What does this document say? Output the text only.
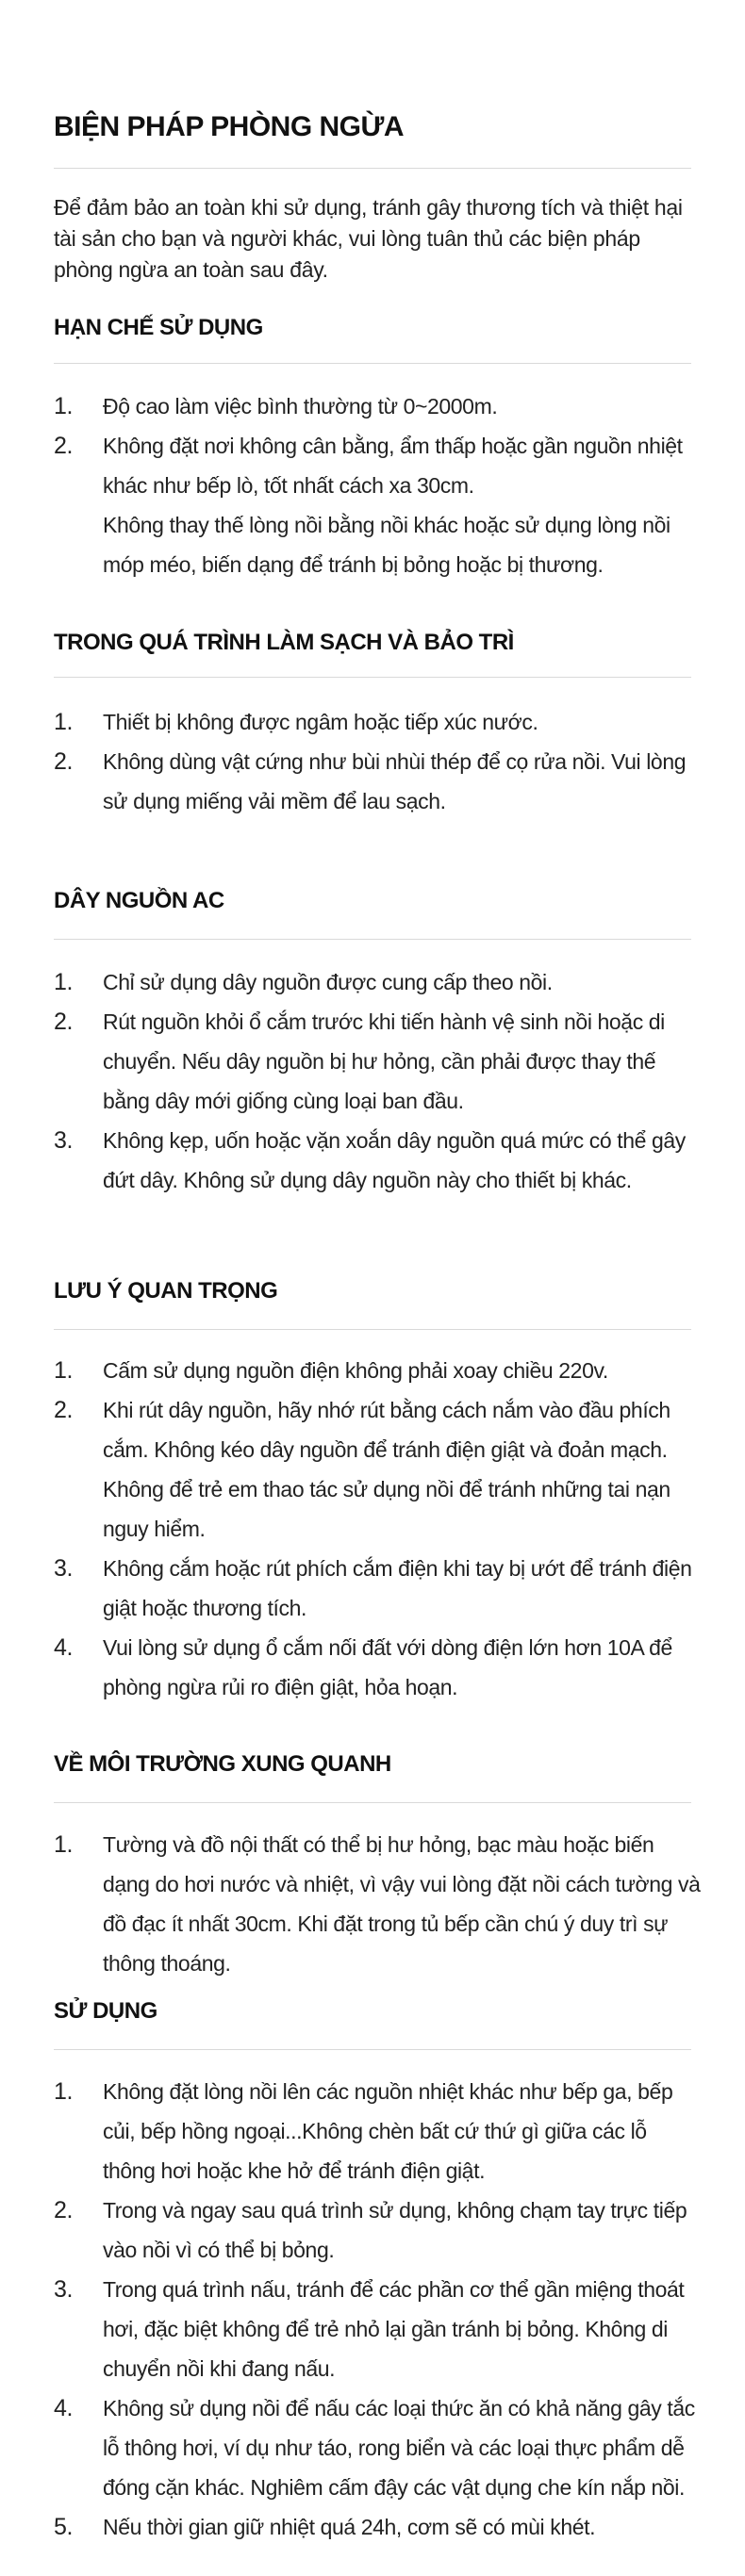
BIỆN PHÁP PHÒNG NGỪA
Để đảm bảo an toàn khi sử dụng, tránh gây thương tích và thiệt hại tài sản cho bạn và người khác, vui lòng tuân thủ các biện pháp phòng ngừa an toàn sau đây.
HẠN CHẾ SỬ DỤNG
1. Độ cao làm việc bình thường từ 0~2000m.
2. Không đặt nơi không cân bằng, ẩm thấp hoặc gần nguồn nhiệt khác như bếp lò, tốt nhất cách xa 30cm.
Không thay thế lòng nồi bằng nồi khác hoặc sử dụng lòng nồi móp méo, biến dạng để tránh bị bỏng hoặc bị thương.
TRONG QUÁ TRÌNH LÀM SẠCH VÀ BẢO TRÌ
1. Thiết bị không được ngâm hoặc tiếp xúc nước.
2. Không dùng vật cứng như bùi nhùi thép để cọ rửa nồi. Vui lòng sử dụng miếng vải mềm để lau sạch.
DÂY NGUỒN AC
1. Chỉ sử dụng dây nguồn được cung cấp theo nồi.
2. Rút nguồn khỏi ổ cắm trước khi tiến hành vệ sinh nồi hoặc di chuyển. Nếu dây nguồn bị hư hỏng, cần phải được thay thế bằng dây mới giống cùng loại ban đầu.
3. Không kẹp, uốn hoặc vặn xoắn dây nguồn quá mức có thể gây đứt dây. Không sử dụng dây nguồn này cho thiết bị khác.
LƯU Ý QUAN TRỌNG
1. Cấm sử dụng nguồn điện không phải xoay chiều 220v.
2. Khi rút dây nguồn, hãy nhớ rút bằng cách nắm vào đầu phích cắm. Không kéo dây nguồn để tránh điện giật và đoản mạch. Không để trẻ em thao tác sử dụng nồi để tránh những tai nạn nguy hiểm.
3. Không cắm hoặc rút phích cắm điện khi tay bị ướt để tránh điện giật hoặc thương tích.
4. Vui lòng sử dụng ổ cắm nối đất với dòng điện lớn hơn 10A để phòng ngừa rủi ro điện giật, hỏa hoạn.
VỀ MÔI TRƯỜNG XUNG QUANH
1. Tường và đồ nội thất có thể bị hư hỏng, bạc màu hoặc biến dạng do hơi nước và nhiệt, vì vậy vui lòng đặt nồi cách tường và đồ đạc ít nhất 30cm. Khi đặt trong tủ bếp cần chú ý duy trì sự thông thoáng.
SỬ DỤNG
1. Không đặt lòng nồi lên các nguồn nhiệt khác như bếp ga, bếp củi, bếp hồng ngoại...Không chèn bất cứ thứ gì giữa các lỗ thông hơi hoặc khe hở để tránh điện giật.
2. Trong và ngay sau quá trình sử dụng, không chạm tay trực tiếp vào nồi vì có thể bị bỏng.
3. Trong quá trình nấu, tránh để các phần cơ thể gần miệng thoát hơi, đặc biệt không để trẻ nhỏ lại gần tránh bị bỏng. Không di chuyển nồi khi đang nấu.
4. Không sử dụng nồi để nấu các loại thức ăn có khả năng gây tắc lỗ thông hơi, ví dụ như táo, rong biển và các loại thực phẩm dễ đóng cặn khác. Nghiêm cấm đậy các vật dụng che kín nắp nồi.
5. Nếu thời gian giữ nhiệt quá 24h, cơm sẽ có mùi khét.
